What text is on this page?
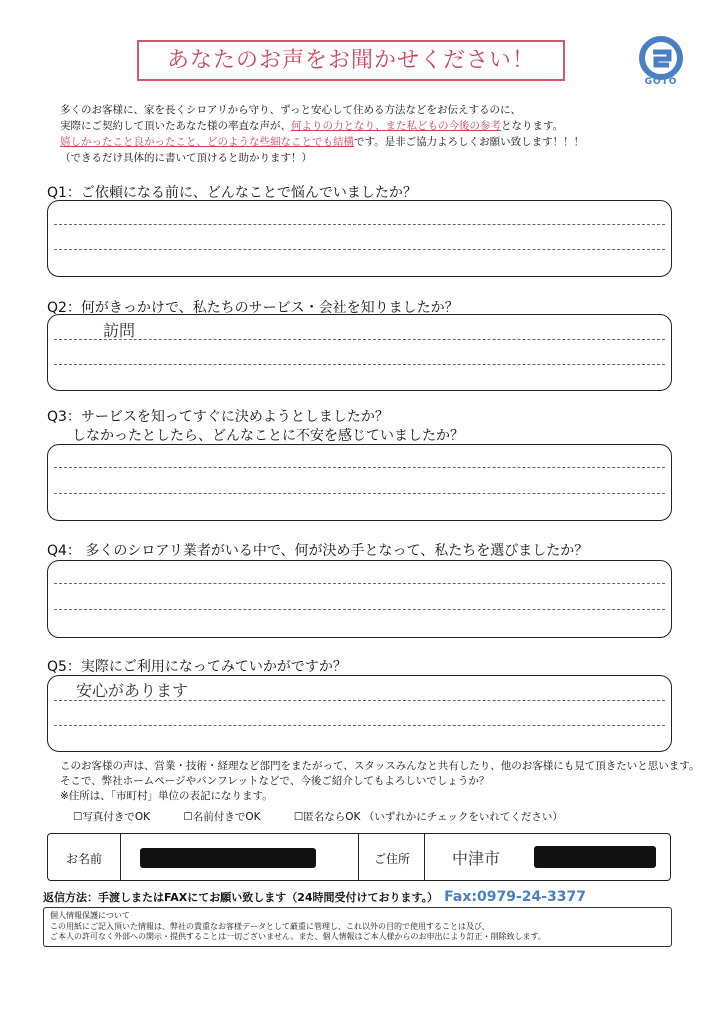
あなたのお声をお聞かせください！
GOTO
多くのお客様に、家を長くシロアリから守り、ずっと安心して住める方法などをお伝えするのに、
実際にご契約して頂いたあなた様の率直な声が、何よりの力となり、また私どもの今後の参考となります。
嬉しかったこと良かったこと、どのような些細なことでも結構です。是非ご協力よろしくお願い致します！！！
（できるだけ具体的に書いて頂けると助かります！）
Q1：ご依頼になる前に、どんなことで悩んでいましたか？
Q2：何がきっかけで、私たちのサービス・会社を知りましたか？
訪問
Q3：サービスを知ってすぐに決めようとしましたか？
しなかったとしたら、どんなことに不安を感じていましたか？
Q4： 多くのシロアリ業者がいる中で、何が決め手となって、私たちを選びましたか？
Q5：実際にご利用になってみていかがですか？
安心があります
このお客様の声は、営業・技術・経理など部門をまたがって、スタッスみんなと共有したり、他のお客様にも見て頂きたいと思います。
そこで、弊社ホームページやパンフレットなどで、今後ご紹介してもよろしいでしょうか？
※住所は、「市町村」単位の表記になります。
☐写真付きでOK	☐名前付きでOK	☐匿名ならOK （いずれかにチェックをいれてください）
お名前	ご住所	中津市
返信方法：手渡しまたはFAXにてお願い致します（24時間受付けております。） Fax:0979-24-3377
個人情報保護について
この用紙にご記入頂いた情報は、弊社の貴重なお客様データとして厳重に管理し、これ以外の目的で使用することは及び、
ご本人の許可なく外部への開示・提供することは一切ございません。また、個人情報はご本人様からのお申出により訂正・削除致します。
